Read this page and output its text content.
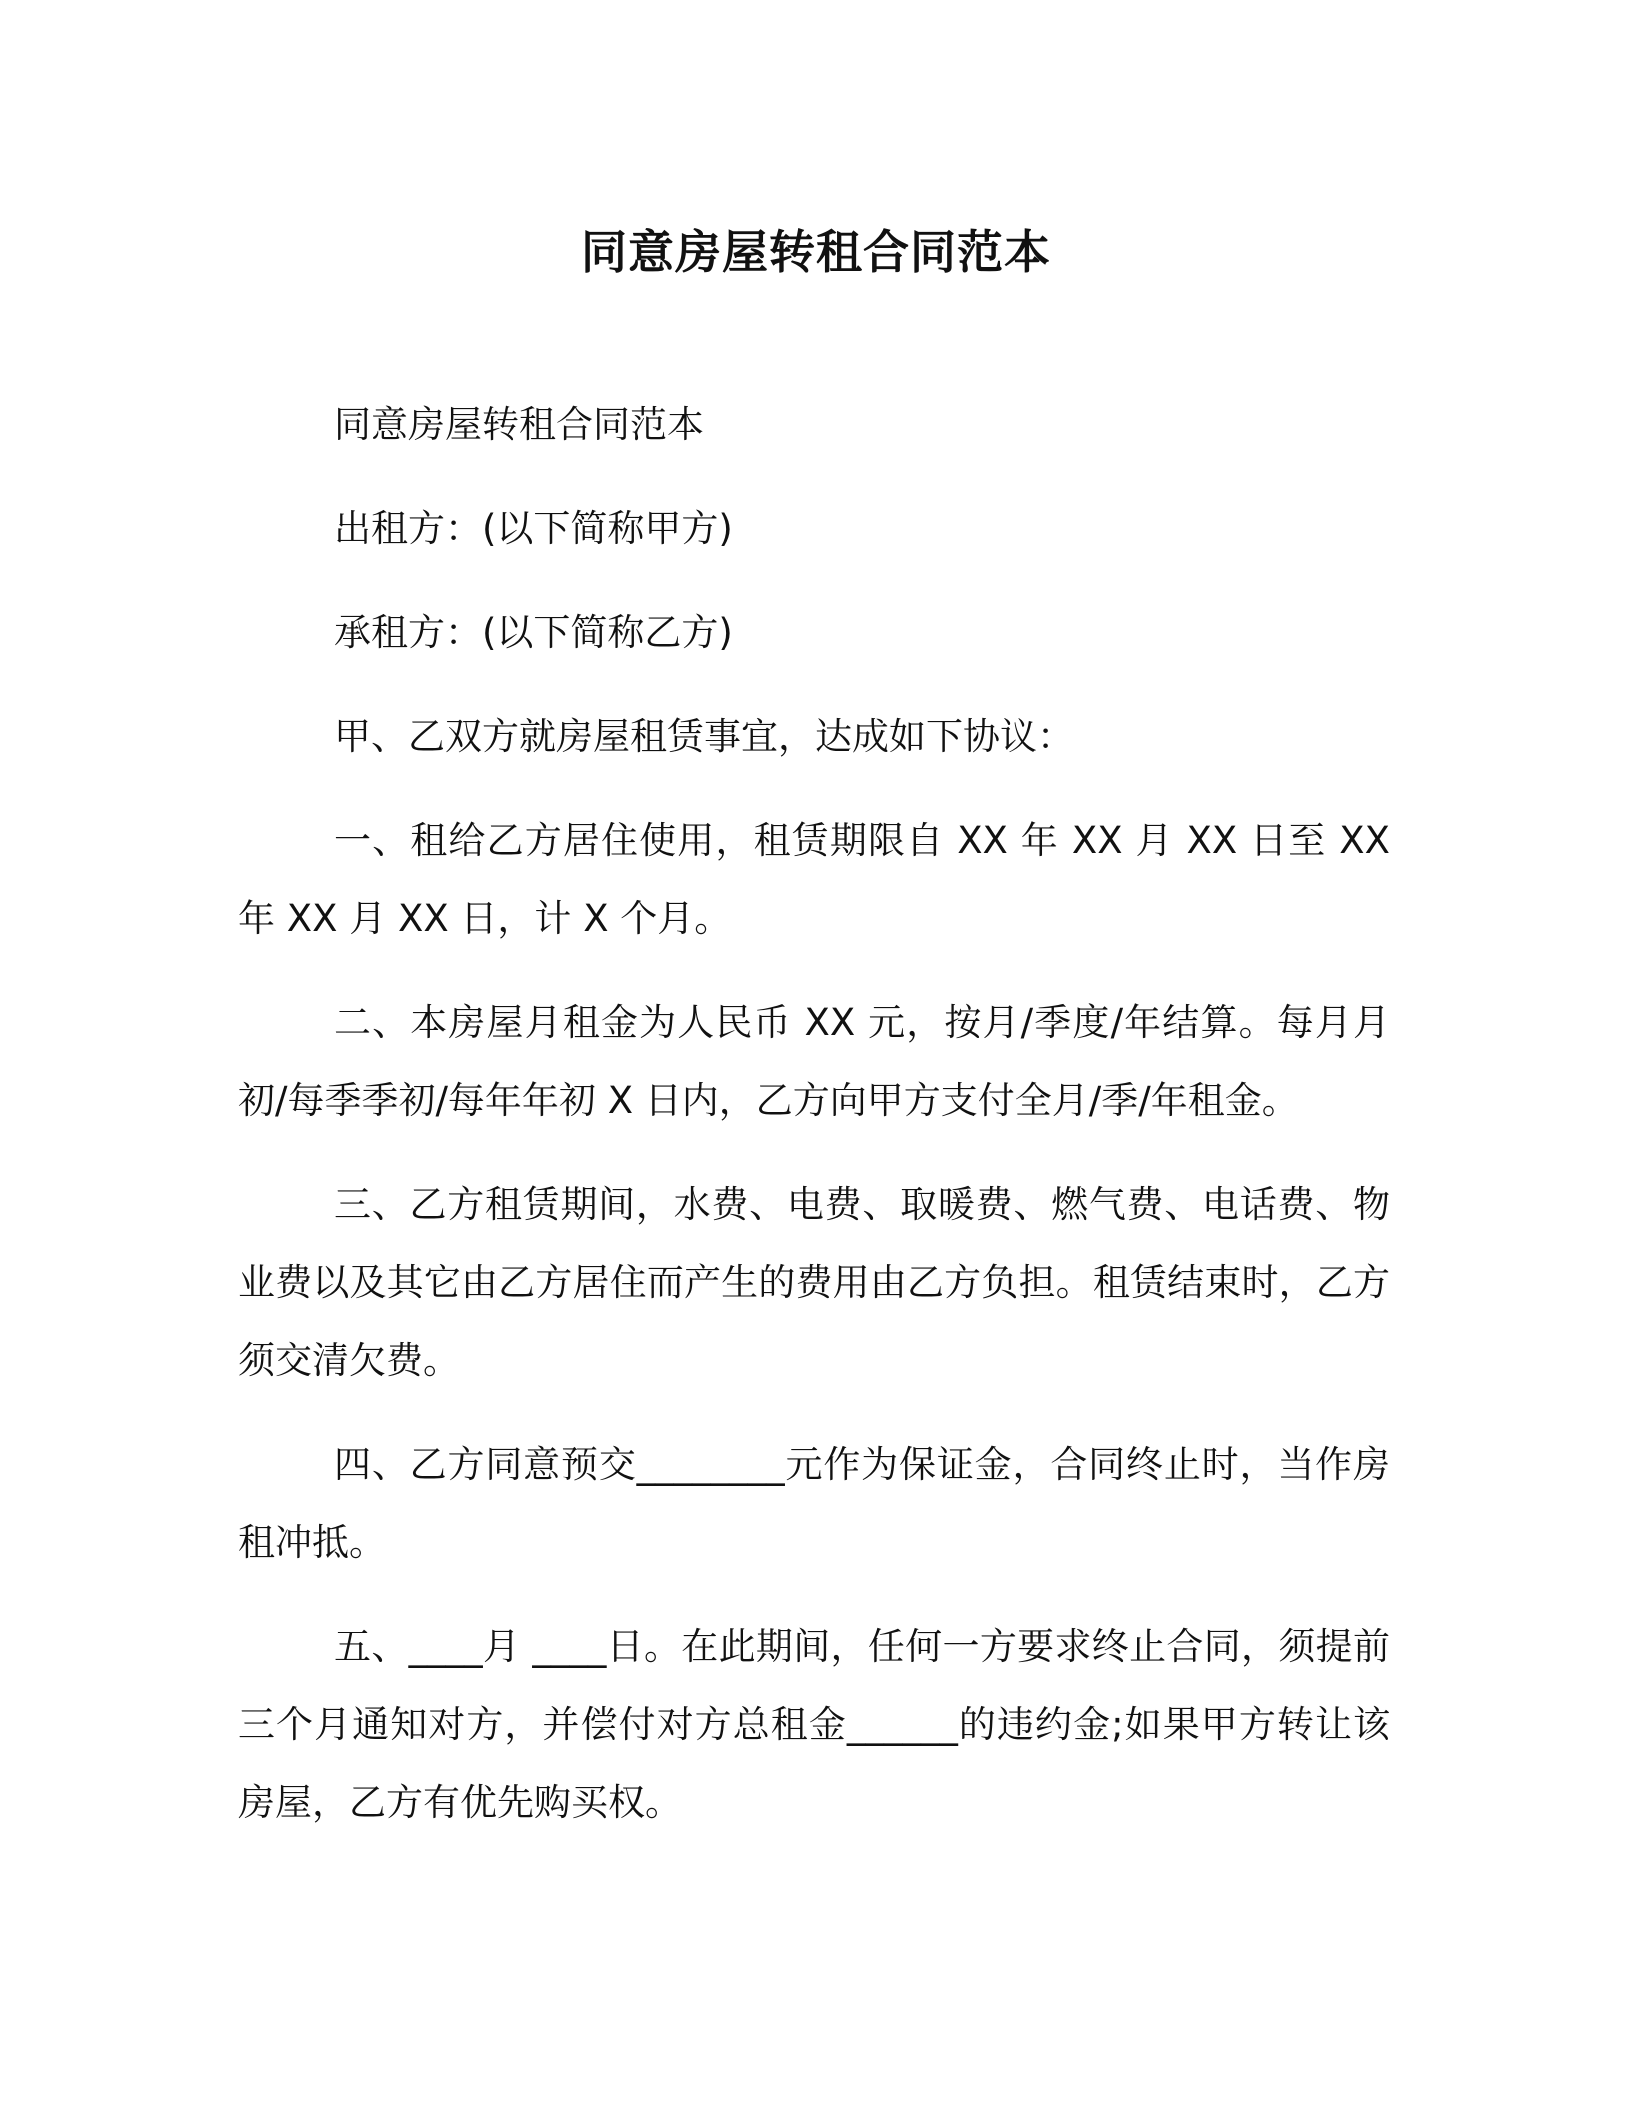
同意房屋转租合同范本

同意房屋转租合同范本

出租方：(以下简称甲方)

承租方：(以下简称乙方)

甲、乙双方就房屋租赁事宜，达成如下协议：

一、租给乙方居住使用，租赁期限自 XX 年 XX 月 XX 日至 XX 年 XX 月 XX 日，计 X 个月。

二、本房屋月租金为人民币 XX 元，按月/季度/年结算。每月月初/每季季初/每年年初 X 日内，乙方向甲方支付全月/季/年租金。

三、乙方租赁期间，水费、电费、取暖费、燃气费、电话费、物业费以及其它由乙方居住而产生的费用由乙方负担。租赁结束时，乙方须交清欠费。

四、乙方同意预交________元作为保证金，合同终止时，当作房租冲抵。

五、____月 ____日。在此期间，任何一方要求终止合同，须提前三个月通知对方，并偿付对方总租金______的违约金;如果甲方转让该房屋，乙方有优先购买权。
